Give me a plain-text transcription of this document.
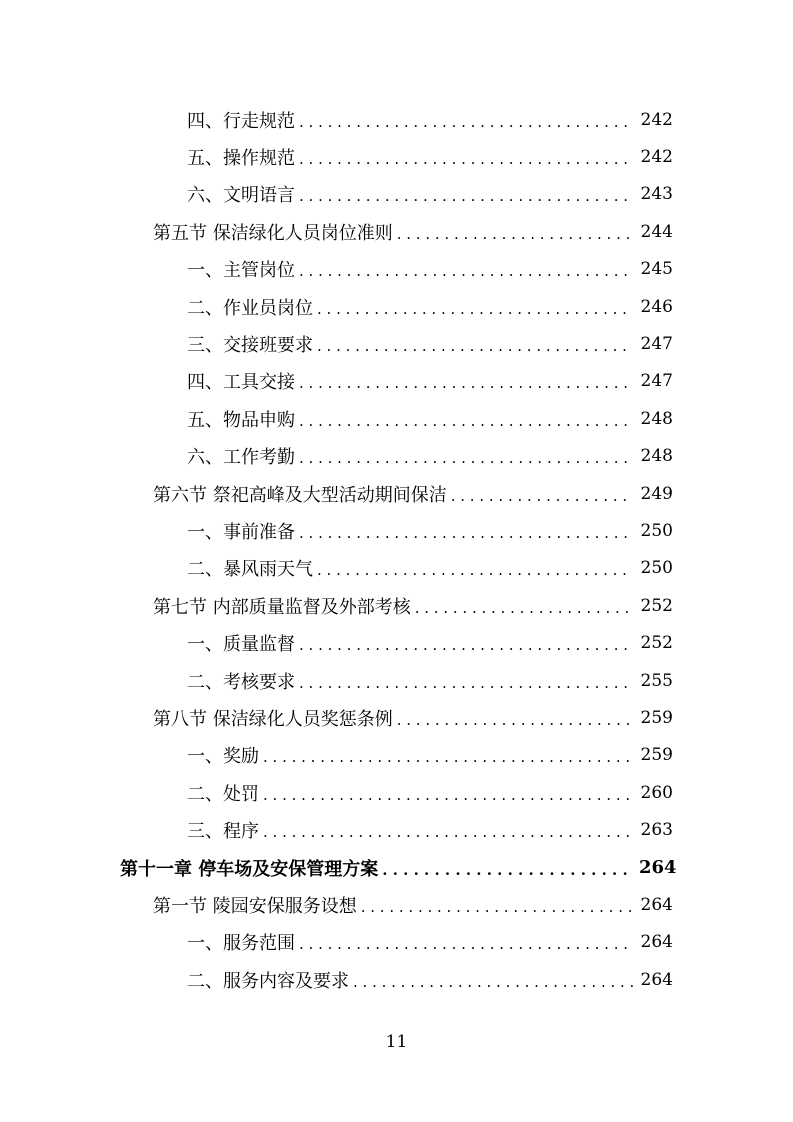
四、行走规范 . . .	242
五、操作规范 . . .	242
六、文明语言 . . .	243
第五节 保洁绿化人员岗位准则 . . .	244
一、主管岗位 . . .	245
二、作业员岗位 . . .	246
三、交接班要求 . . .	247
四、工具交接 . . .	247
五、物品申购 . . .	248
六、工作考勤 . . .	248
第六节 祭祀高峰及大型活动期间保洁 . . .	249
一、事前准备 . . .	250
二、暴风雨天气 . . .	250
第七节 内部质量监督及外部考核 . . .	252
一、质量监督 . . .	252
二、考核要求 . . .	255
第八节 保洁绿化人员奖惩条例 . . .	259
一、奖励 . . .	259
二、处罚 . . .	260
三、程序 . . .	263
第十一章 停车场及安保管理方案 . . .	264
第一节 陵园安保服务设想 . . .	264
一、服务范围 . . .	264
二、服务内容及要求 . . .	264
11
